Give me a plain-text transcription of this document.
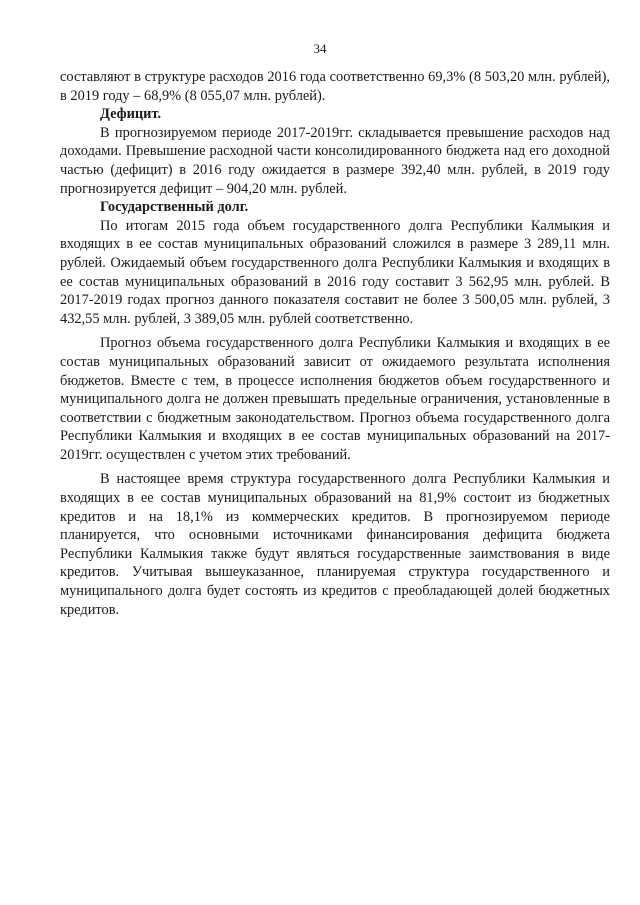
34

составляют в структуре расходов 2016 года соответственно 69,3% (8 503,20 млн. рублей), в 2019 году – 68,9% (8 055,07 млн. рублей).

Дефицит.

В прогнозируемом периоде 2017-2019гг. складывается превышение расходов над доходами. Превышение расходной части консолидированного бюджета над его доходной частью (дефицит) в 2016 году ожидается в размере 392,40 млн. рублей, в 2019 году прогнозируется дефицит – 904,20 млн. рублей.

Государственный долг.

По итогам 2015 года объем государственного долга Республики Калмыкия и входящих в ее состав муниципальных образований сложился в размере 3 289,11 млн. рублей. Ожидаемый объем государственного долга Республики Калмыкия и входящих в ее состав муниципальных образований в 2016 году составит 3 562,95 млн. рублей. В 2017-2019 годах прогноз данного показателя составит не более 3 500,05 млн. рублей, 3 432,55 млн. рублей, 3 389,05 млн. рублей соответственно.

Прогноз объема государственного долга Республики Калмыкия и входящих в ее состав муниципальных образований зависит от ожидаемого результата исполнения бюджетов. Вместе с тем, в процессе исполнения бюджетов объем государственного и муниципального долга не должен превышать предельные ограничения, установленные в соответствии с бюджетным законодательством. Прогноз объема государственного долга Республики Калмыкия и входящих в ее состав муниципальных образований на 2017-2019гг. осуществлен с учетом этих требований.

В настоящее время структура государственного долга Республики Калмыкия и входящих в ее состав муниципальных образований на 81,9% состоит из бюджетных кредитов и на 18,1% из коммерческих кредитов. В прогнозируемом периоде планируется, что основными источниками финансирования дефицита бюджета Республики Калмыкия также будут являться государственные заимствования в виде кредитов. Учитывая вышеуказанное, планируемая структура государственного и муниципального долга будет состоять из кредитов с преобладающей долей бюджетных кредитов.
